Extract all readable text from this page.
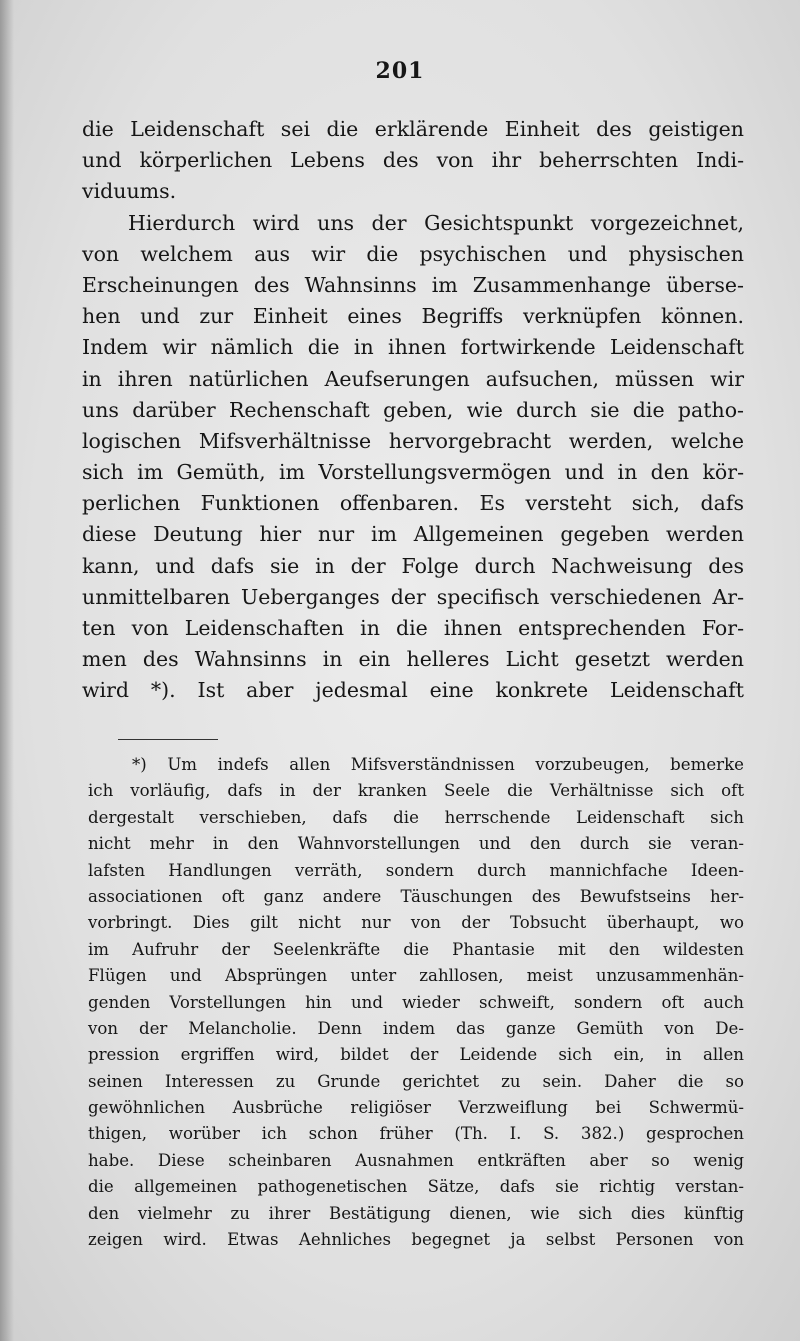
201
die Leidenschaft sei die erklärende Einheit des geistigen
und körperlichen Lebens des von ihr beherrschten Indi-
viduums.
Hierdurch wird uns der Gesichtspunkt vorgezeichnet,
von welchem aus wir die psychischen und physischen
Erscheinungen des Wahnsinns im Zusammenhange überse-
hen und zur Einheit eines Begriffs verknüpfen können.
Indem wir nämlich die in ihnen fortwirkende Leidenschaft
in ihren natürlichen Aeufserungen aufsuchen, müssen wir
uns darüber Rechenschaft geben, wie durch sie die patho-
logischen Mifsverhältnisse hervorgebracht werden, welche
sich im Gemüth, im Vorstellungsvermögen und in den kör-
perlichen Funktionen offenbaren. Es versteht sich, dafs
diese Deutung hier nur im Allgemeinen gegeben werden
kann, und dafs sie in der Folge durch Nachweisung des
unmittelbaren Ueberganges der specifisch verschiedenen Ar-
ten von Leidenschaften in die ihnen entsprechenden For-
men des Wahnsinns in ein helleres Licht gesetzt werden
wird *). Ist aber jedesmal eine konkrete Leidenschaft
*) Um indefs allen Mifsverständnissen vorzubeugen, bemerke
ich vorläufig, dafs in der kranken Seele die Verhältnisse sich oft
dergestalt verschieben, dafs die herrschende Leidenschaft sich
nicht mehr in den Wahnvorstellungen und den durch sie veran-
lafsten Handlungen verräth, sondern durch mannichfache Ideen-
associationen oft ganz andere Täuschungen des Bewufstseins her-
vorbringt. Dies gilt nicht nur von der Tobsucht überhaupt, wo
im Aufruhr der Seelenkräfte die Phantasie mit den wildesten
Flügen und Absprüngen unter zahllosen, meist unzusammenhän-
genden Vorstellungen hin und wieder schweift, sondern oft auch
von der Melancholie. Denn indem das ganze Gemüth von De-
pression ergriffen wird, bildet der Leidende sich ein, in allen
seinen Interessen zu Grunde gerichtet zu sein. Daher die so
gewöhnlichen Ausbrüche religiöser Verzweiflung bei Schwermü-
thigen, worüber ich schon früher (Th. I. S. 382.) gesprochen
habe. Diese scheinbaren Ausnahmen entkräften aber so wenig
die allgemeinen pathogenetischen Sätze, dafs sie richtig verstan-
den vielmehr zu ihrer Bestätigung dienen, wie sich dies künftig
zeigen wird. Etwas Aehnliches begegnet ja selbst Personen von
